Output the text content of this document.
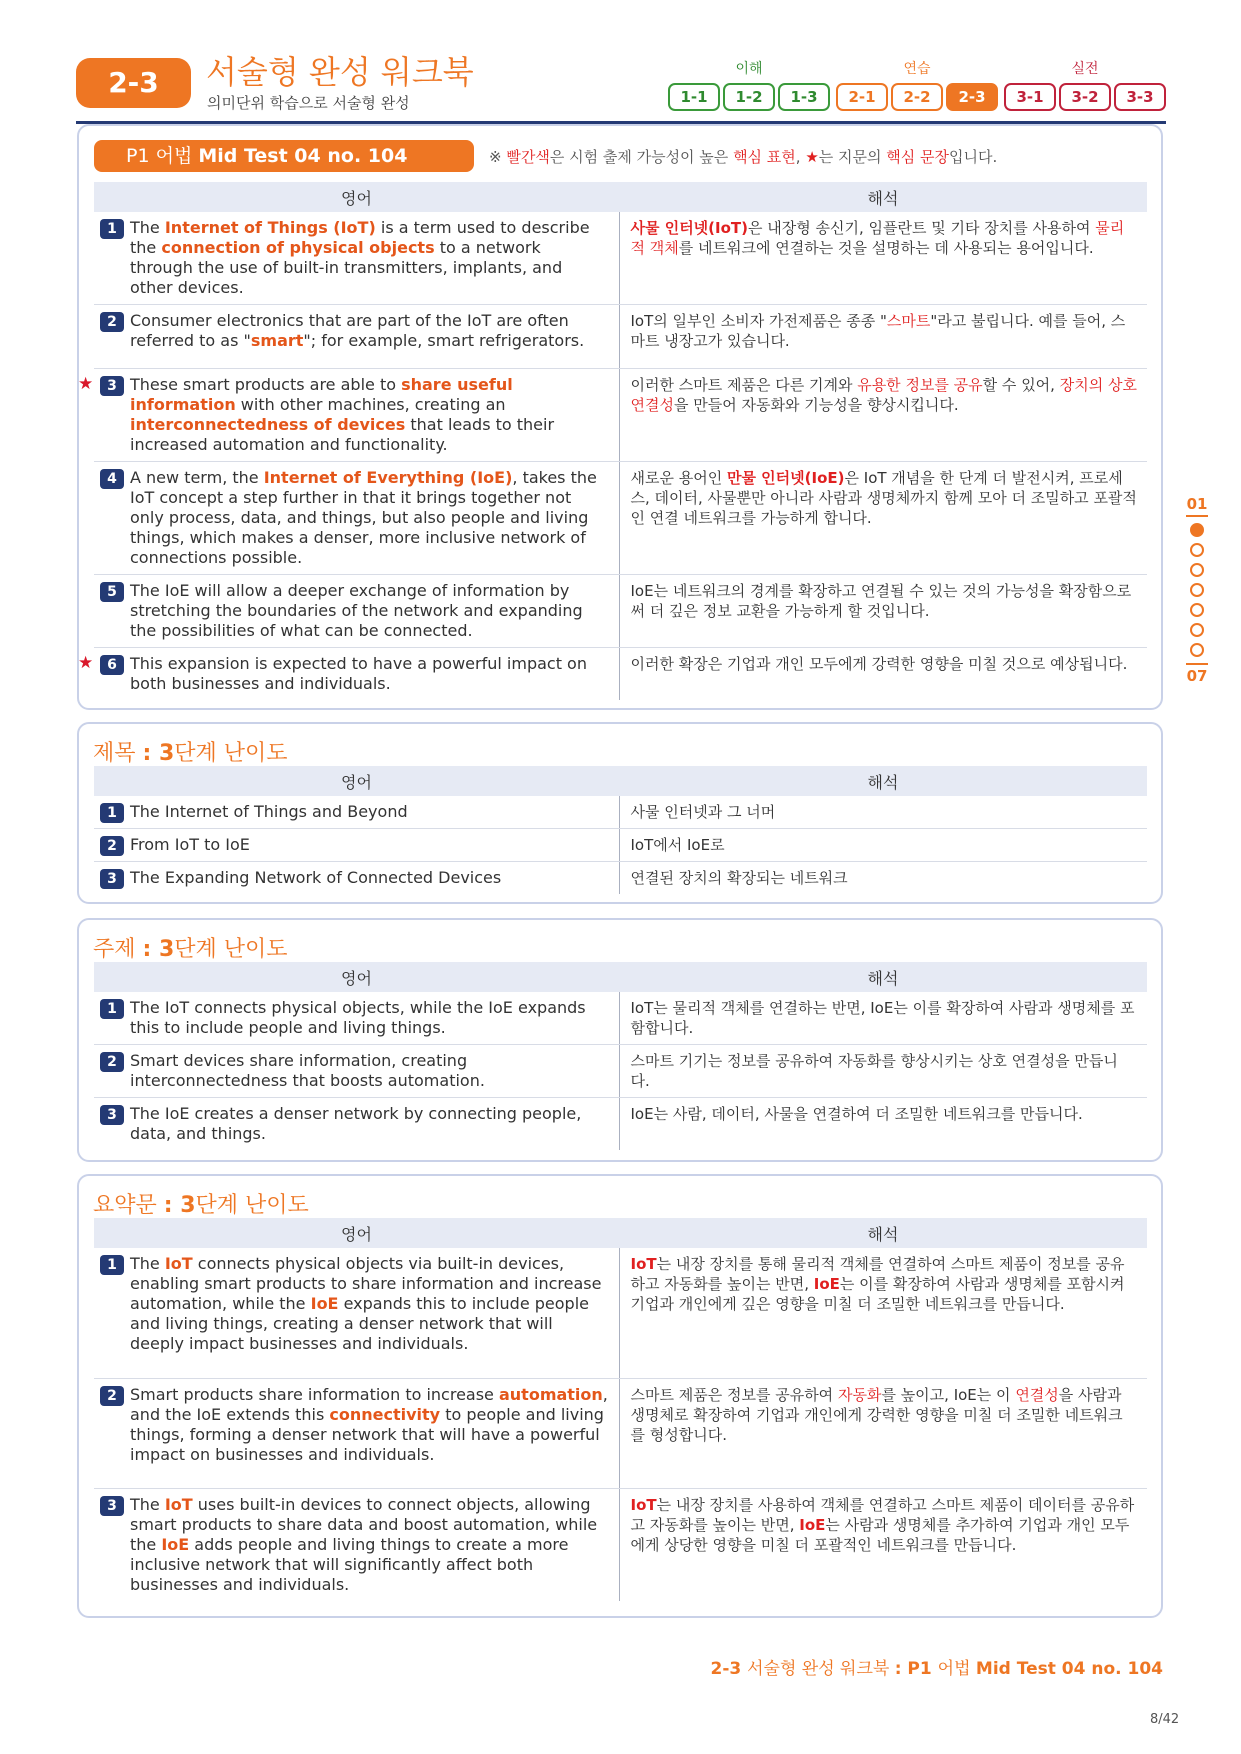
2-3	서술형 완성 워크북
의미단위 학습으로 서술형 완성
이해
1-1	1-2	1-3
연습
2-1	2-2	2-3
실전
3-1	3-2	3-3
P1 어법 Mid Test 04 no. 104	※ 빨간색은 시험 출제 가능성이 높은 핵심 표현, ★는 지문의 핵심 문장입니다.
영어	해석

1 The Internet of Things (IoT) is a term used to describe the connection of physical objects to a network through the use of built-in transmitters, implants, and other devices.	사물 인터넷(IoT)은 내장형 송신기, 임플란트 및 기타 장치를 사용하여 물리적 객체를 네트워크에 연결하는 것을 설명하는 데 사용되는 용어입니다.

2 Consumer electronics that are part of the IoT are often referred to as "smart"; for example, smart refrigerators.	IoT의 일부인 소비자 가전제품은 종종 "스마트"라고 불립니다. 예를 들어, 스마트 냉장고가 있습니다.

★ 3 These smart products are able to share useful information with other machines, creating an interconnectedness of devices that leads to their increased automation and functionality.	이러한 스마트 제품은 다른 기계와 유용한 정보를 공유할 수 있어, 장치의 상호 연결성을 만들어 자동화와 기능성을 향상시킵니다.

4 A new term, the Internet of Everything (IoE), takes the IoT concept a step further in that it brings together not only process, data, and things, but also people and living things, which makes a denser, more inclusive network of connections possible.	새로운 용어인 만물 인터넷(IoE)은 IoT 개념을 한 단계 더 발전시켜, 프로세스, 데이터, 사물뿐만 아니라 사람과 생명체까지 함께 모아 더 조밀하고 포괄적인 연결 네트워크를 가능하게 합니다.

5 The IoE will allow a deeper exchange of information by stretching the boundaries of the network and expanding the possibilities of what can be connected.	IoE는 네트워크의 경계를 확장하고 연결될 수 있는 것의 가능성을 확장함으로써 더 깊은 정보 교환을 가능하게 할 것입니다.

★ 6 This expansion is expected to have a powerful impact on both businesses and individuals.	이러한 확장은 기업과 개인 모두에게 강력한 영향을 미칠 것으로 예상됩니다.
제목 : 3단계 난이도
영어	해석

1 The Internet of Things and Beyond	사물 인터넷과 그 너머

2 From IoT to IoE	IoT에서 IoE로

3 The Expanding Network of Connected Devices	연결된 장치의 확장되는 네트워크
주제 : 3단계 난이도
영어	해석

1 The IoT connects physical objects, while the IoE expands this to include people and living things.	IoT는 물리적 객체를 연결하는 반면, IoE는 이를 확장하여 사람과 생명체를 포함합니다.

2 Smart devices share information, creating interconnectedness that boosts automation.	스마트 기기는 정보를 공유하여 자동화를 향상시키는 상호 연결성을 만듭니다.

3 The IoE creates a denser network by connecting people, data, and things.	IoE는 사람, 데이터, 사물을 연결하여 더 조밀한 네트워크를 만듭니다.
요약문 : 3단계 난이도
영어	해석

1 The IoT connects physical objects via built-in devices, enabling smart products to share information and increase automation, while the IoE expands this to include people and living things, creating a denser network that will deeply impact businesses and individuals.	IoT는 내장 장치를 통해 물리적 객체를 연결하여 스마트 제품이 정보를 공유하고 자동화를 높이는 반면, IoE는 이를 확장하여 사람과 생명체를 포함시켜 기업과 개인에게 깊은 영향을 미칠 더 조밀한 네트워크를 만듭니다.

2 Smart products share information to increase automation, and the IoE extends this connectivity to people and living things, forming a denser network that will have a powerful impact on businesses and individuals.	스마트 제품은 정보를 공유하여 자동화를 높이고, IoE는 이 연결성을 사람과 생명체로 확장하여 기업과 개인에게 강력한 영향을 미칠 더 조밀한 네트워크를 형성합니다.

3 The IoT uses built-in devices to connect objects, allowing smart products to share data and boost automation, while the IoE adds people and living things to create a more inclusive network that will significantly affect both businesses and individuals.	IoT는 내장 장치를 사용하여 객체를 연결하고 스마트 제품이 데이터를 공유하고 자동화를 높이는 반면, IoE는 사람과 생명체를 추가하여 기업과 개인 모두에게 상당한 영향을 미칠 더 포괄적인 네트워크를 만듭니다.
01
07
2-3 서술형 완성 워크북 : P1 어법 Mid Test 04 no. 104
8/42
